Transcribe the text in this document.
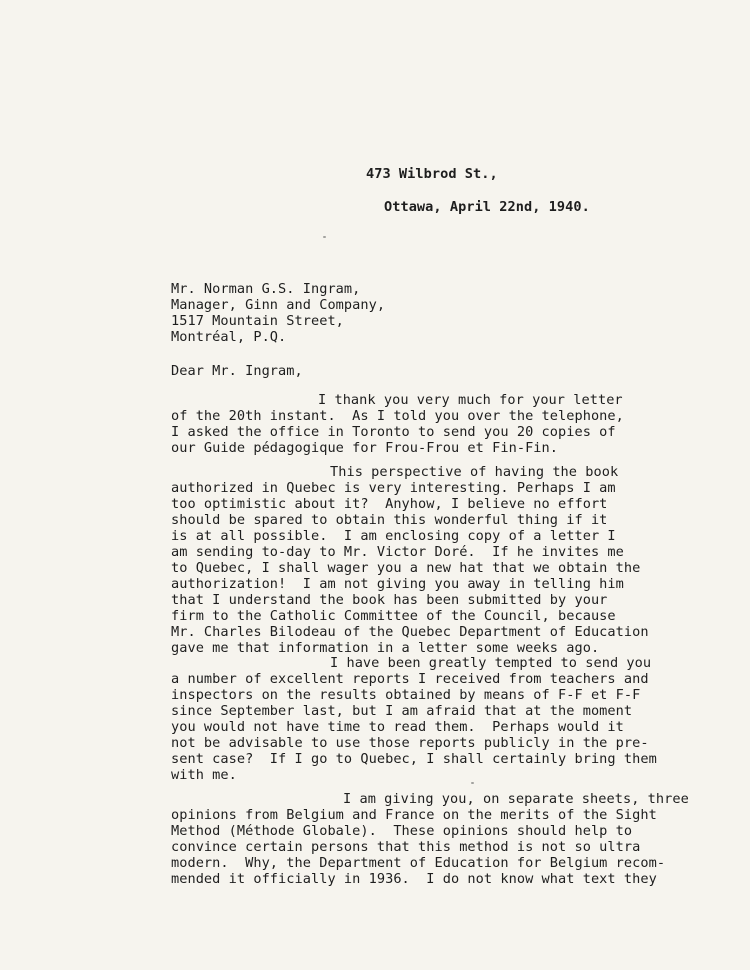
473 Wilbrod St.,
Ottawa, April 22nd, 1940.
Mr. Norman G.S. Ingram,
Manager, Ginn and Company,
1517 Mountain Street,
Montréal, P.Q.
Dear Mr. Ingram,
I thank you very much for your letter
of the 20th instant.  As I told you over the telephone,
I asked the office in Toronto to send you 20 copies of
our Guide pédagogique for Frou-Frou et Fin-Fin.
This perspective of having the book
authorized in Quebec is very interesting. Perhaps I am
too optimistic about it?  Anyhow, I believe no effort
should be spared to obtain this wonderful thing if it
is at all possible.  I am enclosing copy of a letter I
am sending to-day to Mr. Victor Doré.  If he invites me
to Quebec, I shall wager you a new hat that we obtain the
authorization!  I am not giving you away in telling him
that I understand the book has been submitted by your
firm to the Catholic Committee of the Council, because
Mr. Charles Bilodeau of the Quebec Department of Education
gave me that information in a letter some weeks ago.
I have been greatly tempted to send you
a number of excellent reports I received from teachers and
inspectors on the results obtained by means of F-F et F-F
since September last, but I am afraid that at the moment
you would not have time to read them.  Perhaps would it
not be advisable to use those reports publicly in the pre-
sent case?  If I go to Quebec, I shall certainly bring them
with me.
I am giving you, on separate sheets, three
opinions from Belgium and France on the merits of the Sight
Method (Méthode Globale).  These opinions should help to
convince certain persons that this method is not so ultra
modern.  Why, the Department of Education for Belgium recom-
mended it officially in 1936.  I do not know what text they
